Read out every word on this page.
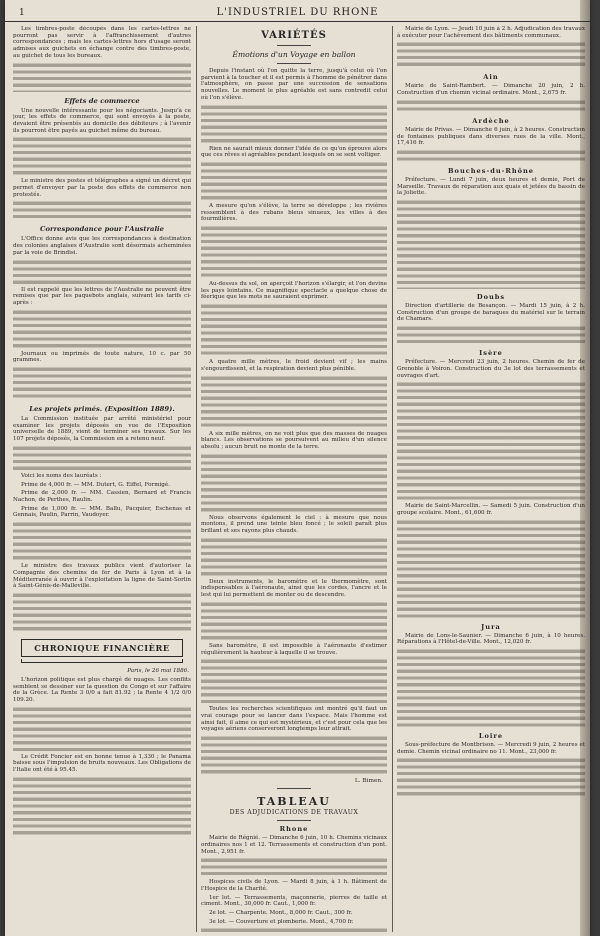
1	L'INDUSTRIEL DU RHONE

Les timbres-poste découpés dans les cartes-lettres ne pourront pas servir à l'affranchissement d'autres correspondances ; mais les cartes-lettres hors d'usage seront admises aux guichets en échange contre des timbres-poste, au guichet de tous les bureaux.

Effets de commerce

Une nouvelle intéressante pour les négociants. Jusqu'à ce jour, les effets de commerce, qui sont envoyés à la poste, devaient être présentés au domicile des débiteurs ; à l'avenir ils pourront être payés au guichet même du bureau.

Le ministre des postes et télégraphes a signé un décret qui permet d'envoyer par la poste des effets de commerce non protestés.

Correspondance pour l'Australie

L'Office donne avis que les correspondances à destination des colonies anglaises d'Australie sont désormais acheminées par la voie de Brindisi.

Il est rappelé que les lettres de l'Australie ne peuvent être remises que par les paquebots anglais, suivant les tarifs ci-après :

Journaux ou imprimés de toute nature, 10 c. par 50 grammes.

Les projets primés. (Exposition 1889).

La Commission instituée par arrêté ministériel pour examiner les projets déposés en vue de l'Exposition universelle de 1889, vient de terminer ses travaux. Sur les 107 projets déposés, la Commission en a retenu neuf.

Voici les noms des lauréats :

Prime de 4,000 fr. — MM. Dutert, G. Eiffel, Formigé.

Prime de 2,000 fr. — MM. Cassien, Bernard et Francis Nachon, de Perthes, Raulin.

Prime de 1,000 fr. — MM. Ballu, Pacquier, Eschenas et Gennais, Paulin, Parrin, Vaudoyer.

Le ministre des travaux publics vient d'autoriser la Compagnie des chemins de fer de Paris à Lyon et à la Méditerranée à ouvrir à l'exploitation la ligne de Saint-Sorlin à Saint-Génis-de-Malleville.

CHRONIQUE FINANCIÈRE
Paris, le 26 mai 1886.

L'horizon politique est plus chargé de nuages. Les conflits semblent se dessiner sur la question du Congo et sur l'affaire de la Grèce. La Rente 3 0/0 a fait 81.92 ; la Rente 4 1/2 0/0 109.20.

Le Crédit Foncier est en bonne tenue à 1,330 ; le Panama baisse sous l'impulsion de bruits nouveaux. Les Obligations de l'Italie ont été à 95.45.

VARIÉTÉS
Émotions d'un Voyage en ballon

Depuis l'instant où l'on quitte la terre, jusqu'à celui où l'on parvient à la toucher et il est permis à l'homme de pénétrer dans l'atmosphère, on passe par une succession de sensations nouvelles. Le moment le plus agréable est sans contredit celui où l'on s'élève.

Rien ne saurait mieux donner l'idée de ce qu'on éprouve alors que ces rêves si agréables pendant lesquels on se sent voltiger.

A mesure qu'on s'élève, la terre se développe ; les rivières ressemblent à des rubans bleus sinueux, les villes à des fourmilières.

Au-dessus du sol, on aperçoit l'horizon s'élargir, et l'on devine les pays lointains. Ce magnifique spectacle a quelque chose de féerique que les mots ne sauraient exprimer.

A quatre mille mètres, le froid devient vif ; les mains s'engourdissent, et la respiration devient plus pénible.

A six mille mètres, on ne voit plus que des masses de nuages blancs. Les observations se poursuivent au milieu d'un silence absolu ; aucun bruit ne monte de la terre.

Nous observons également le ciel : à mesure que nous montons, il prend une teinte bleu foncé ; le soleil paraît plus brillant et ses rayons plus chauds.

Deux instruments, le baromètre et le thermomètre, sont indispensables à l'aéronaute, ainsi que les cordes, l'ancre et le lest qui lui permettent de monter ou de descendre.

Sans baromètre, il est impossible à l'aéronaute d'estimer régulièrement la hauteur à laquelle il se trouve.

Toutes les recherches scientifiques ont montré qu'il faut un vrai courage pour se lancer dans l'espace. Mais l'homme est ainsi fait, il aime ce qui est mystérieux, et c'est pour cela que les voyages aériens conserveront longtemps leur attrait.

L. Bimen.
TABLEAU
DES ADJUDICATIONS DE TRAVAUX
Rhone

Mairie de Régnié. — Dimanche 6 juin, 10 h. Chemins vicinaux ordinaires nos 1 et 12. Terrassements et construction d'un pont. Mont., 2,951 fr.

Hospices civils de Lyon. — Mardi 8 juin, à 1 h. Bâtiment de l'Hospice de la Charité.

1er lot. — Terrassements, maçonnerie, pierres de taille et ciment. Mont., 30,000 fr. Caut., 1,000 fr.

2e lot. — Charpente. Mont., 8,000 fr. Caut., 300 fr.

3e lot. — Couverture et plomberie. Mont., 4,700 fr.

Mairie de Lyon. — Jeudi 10 juin à 2 h. Adjudication des travaux à exécuter pour l'achèvement des bâtiments communaux.

Ain

Mairie de Saint-Rambert. — Dimanche 20 juin, 2 h. Construction d'un chemin vicinal ordinaire. Mont., 2,675 fr.

Ardèche

Mairie de Privas. — Dimanche 6 juin, à 2 heures. Construction de fontaines publiques dans diverses rues de la ville. Mont., 17,416 fr.

Bouches-du-Rhône

Préfecture. — Lundi 7 juin, deux heures et demie, Port de Marseille. Travaux de réparation aux quais et jetées du bassin de la Joliette.

Doubs

Direction d'artillerie de Besançon. — Mardi 15 juin, à 2 h. Construction d'un groupe de baraques du matériel sur le terrain de Chamars.

Isère

Préfecture. — Mercredi 23 juin, 2 heures. Chemin de fer de Grenoble à Voiron. Construction du 3e lot des terrassements et ouvrages d'art.

Mairie de Saint-Marcellin. — Samedi 5 juin. Construction d'un groupe scolaire. Mont., 61,600 fr.

Jura

Mairie de Lons-le-Saunier. — Dimanche 6 juin, à 10 heures. Réparations à l'Hôtel-de-Ville. Mont., 12,020 fr.

Loire

Sous-préfecture de Montbrison. — Mercredi 9 juin, 2 heures et demie. Chemin vicinal ordinaire no 11. Mont., 23,000 fr.
